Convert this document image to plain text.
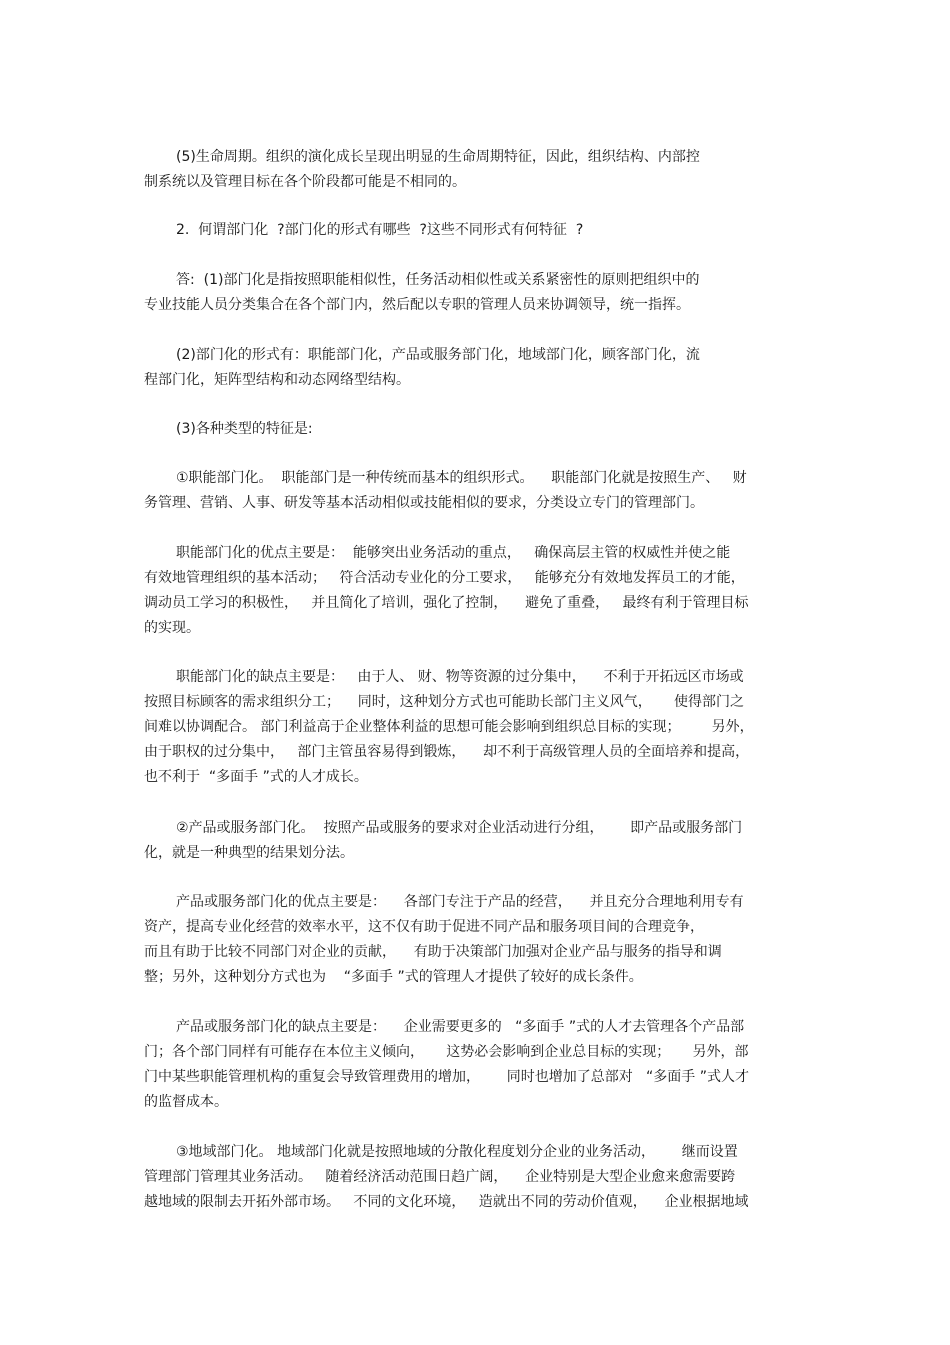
(5)生命周期。组织的演化成长呈现出明显的生命周期特征，因此，组织结构、内部控
制系统以及管理目标在各个阶段都可能是不相同的。
2.  何谓部门化  ?部门化的形式有哪些  ?这些不同形式有何特征  ?
答:  (1)部门化是指按照职能相似性，任务活动相似性或关系紧密性的原则把组织中的
专业技能人员分类集合在各个部门内，然后配以专职的管理人员来协调领导，统一指挥。
(2)部门化的形式有：职能部门化，产品或服务部门化，地域部门化，顾客部门化，流
程部门化，矩阵型结构和动态网络型结构。
(3)各种类型的特征是:
①职能部门化。  职能部门是一种传统而基本的组织形式。    职能部门化就是按照生产、   财
务管理、营销、人事、研发等基本活动相似或技能相似的要求，分类设立专门的管理部门。
职能部门化的优点主要是：  能够突出业务活动的重点，   确保高层主管的权威性并使之能
有效地管理组织的基本活动；   符合活动专业化的分工要求，   能够充分有效地发挥员工的才能，
调动员工学习的积极性，   并且简化了培训，强化了控制，    避免了重叠，   最终有利于管理目标
的实现。
职能部门化的缺点主要是：   由于人、 财、物等资源的过分集中，    不利于开拓远区市场或
按照目标顾客的需求组织分工；    同时，这种划分方式也可能助长部门主义风气，     使得部门之
间难以协调配合。 部门利益高于企业整体利益的思想可能会影响到组织总目标的实现；       另外，
由于职权的过分集中，   部门主管虽容易得到锻炼，    却不利于高级管理人员的全面培养和提高，
也不利于  “多面手 ”式的人才成长。
②产品或服务部门化。  按照产品或服务的要求对企业活动进行分组，      即产品或服务部门
化，就是一种典型的结果划分法。
产品或服务部门化的优点主要是：    各部门专注于产品的经营，    并且充分合理地利用专有
资产，提高专业化经营的效率水平，这不仅有助于促进不同产品和服务项目间的合理竞争，
而且有助于比较不同部门对企业的贡献，    有助于决策部门加强对企业产品与服务的指导和调
整；另外，这种划分方式也为    “多面手 ”式的管理人才提供了较好的成长条件。
产品或服务部门化的缺点主要是：    企业需要更多的   “多面手 ”式的人才去管理各个产品部
门；各个部门同样有可能存在本位主义倾向，     这势必会影响到企业总目标的实现；     另外，部
门中某些职能管理机构的重复会导致管理费用的增加，      同时也增加了总部对   “多面手 ”式人才
的监督成本。
③地域部门化。 地域部门化就是按照地域的分散化程度划分企业的业务活动，      继而设置
管理部门管理其业务活动。   随着经济活动范围日趋广阔，    企业特别是大型企业愈来愈需要跨
越地域的限制去开拓外部市场。   不同的文化环境，   造就出不同的劳动价值观，    企业根据地域
